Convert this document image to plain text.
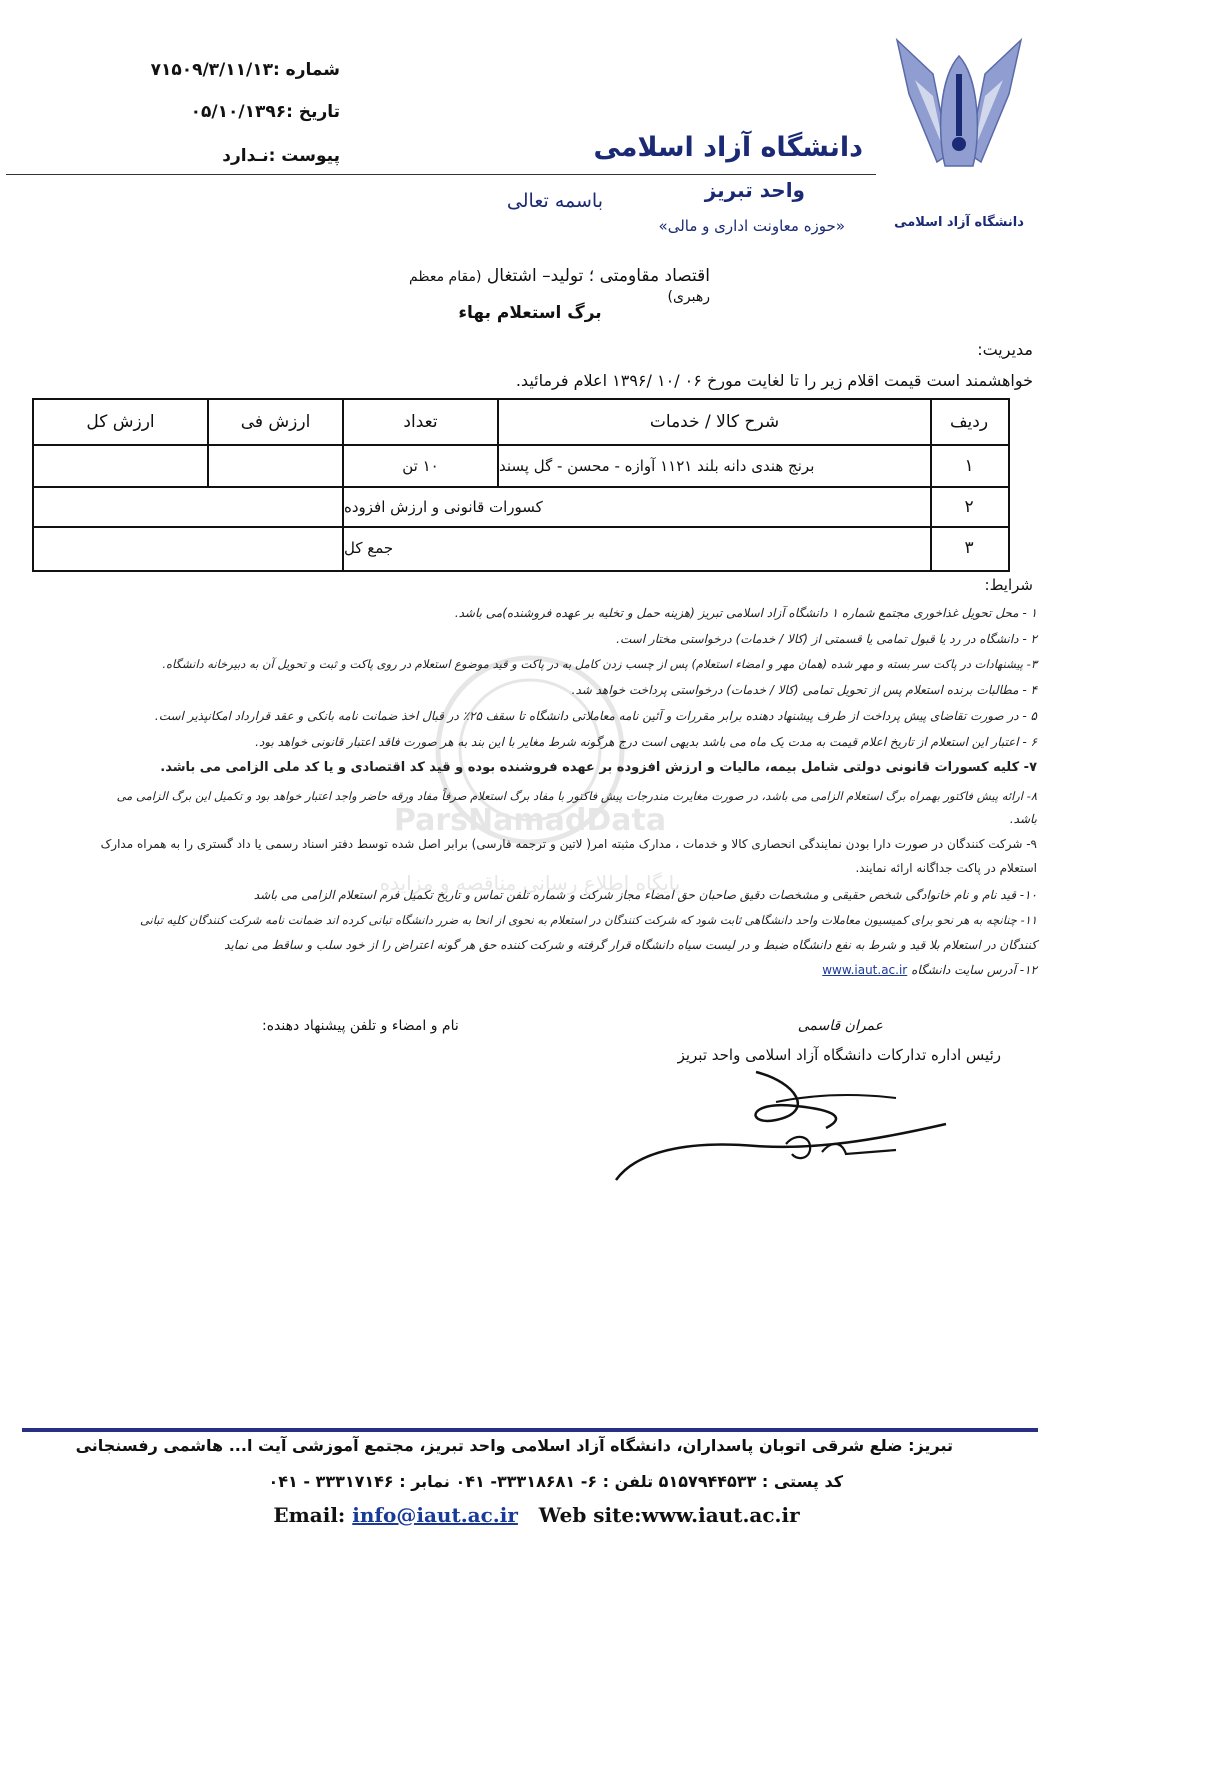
دانشگاه آزاد اسلامی
دانشگاه آزاد اسلامی
واحد تبریز
«حوزه معاونت اداری و مالی»
باسمه تعالی
شماره :۷۱۵۰۹/۳/۱۱/۱۳
تاریخ :۰۵/۱۰/۱۳۹۶
پیوست :نـدارد
اقتصاد مقاومتی ؛ تولید– اشتغال (مقام معظم رهبری)
برگ استعلام بهاء
مدیریت:
خواهشمند است قیمت اقلام زیر را تا لغایت مورخ ۰۶ /۱۰ /۱۳۹۶ اعلام فرمائید.
ردیف
شرح کالا / خدمات
تعداد
ارزش فی
ارزش کل
۱
برنج هندی دانه بلند ۱۱۲۱ آوازه - محسن - گل پسند
۱۰ تن
۲
کسورات قانونی و ارزش افزوده
۳
جمع کل
شرایط:
ParsNamadData
پایگاه اطلاع رسانی مناقصه و مزایده
۱ - محل تحویل غذاخوری مجتمع شماره ۱ دانشگاه آزاد اسلامی تبریز (هزینه حمل و تخلیه بر عهده فروشنده)می باشد.
۲ - دانشگاه در رد یا قبول تمامی یا قسمتی از (کالا / خدمات) درخواستی مختار است.
۳- پیشنهادات در پاکت سر بسته و مهر شده (همان مهر و امضاء استعلام) پس از چسب زدن کامل به در پاکت و قید موضوع استعلام در روی پاکت و ثبت و تحویل آن به دبیرخانه دانشگاه.
۴ - مطالبات برنده استعلام پس از تحویل تمامی (کالا / خدمات) درخواستی پرداخت خواهد شد.
۵ - در صورت تقاضای پیش پرداخت از طرف پیشنهاد دهنده برابر مقررات و آئین نامه معاملاتی دانشگاه تا سقف ۲۵٪ در قبال اخذ ضمانت نامه بانکی و عقد قرارداد امکانپذیر است.
۶ - اعتبار این استعلام از تاریخ اعلام قیمت به مدت یک ماه می باشد بدیهی است درج هرگونه شرط مغایر با این بند به هر صورت فاقد اعتبار قانونی خواهد بود.
۷- کلیه کسورات قانونی دولتی شامل بیمه، مالیات و ارزش افزوده بر عهده فروشنده بوده و قید کد اقتصادی و یا کد ملی الزامی می باشد.
۸- ارائه پیش فاکتور بهمراه برگ استعلام الزامی می باشد، در صورت مغایرت مندرجات پیش فاکتور با مفاد برگ استعلام صرفاً مفاد ورقه حاضر واجد اعتبار خواهد بود و تکمیل این برگ الزامی می
باشد.
۹- شرکت کنندگان در صورت دارا بودن نمایندگی انحصاری کالا و خدمات ، مدارک مثبته امر( لاتین و ترجمه فارسی) برابر اصل شده توسط دفتر اسناد رسمی یا داد گستری را به همراه مدارک
استعلام در پاکت جداگانه ارائه نمایند.
۱۰- قید نام و نام خانوادگی شخص حقیقی و مشخصات دقیق صاحبان حق امضاء مجاز شرکت و شماره تلفن تماس و تاریخ تکمیل فرم استعلام الزامی می باشد
۱۱- چنانچه به هر نحو برای کمیسیون معاملات واحد دانشگاهی ثابت شود که شرکت کنندگان در استعلام به نحوی از انحا به ضرر دانشگاه تبانی کرده اند ضمانت نامه شرکت کنندگان کلیه تبانی
کنندگان در استعلام بلا قید و شرط به نفع دانشگاه ضبط و در لیست سیاه دانشگاه قرار گرفته و شرکت کننده حق هر گونه اعتراض را از خود سلب و ساقط می نماید
۱۲- آدرس سایت دانشگاه www.iaut.ac.ir
عمران قاسمی
رئیس اداره تدارکات دانشگاه آزاد اسلامی واحد تبریز
نام و امضاء و تلفن پیشنهاد دهنده:
تبریز: ضلع شرقی اتوبان پاسداران، دانشگاه آزاد اسلامی واحد تبریز، مجتمع آموزشی آیت ا... هاشمی رفسنجانی
کد پستی : ۵۱۵۷۹۴۴۵۳۳ تلفن : ۶- ۳۳۳۱۸۶۸۱- ۰۴۱ نمابر : ۳۳۳۱۷۱۴۶ - ۰۴۱
Email: info@iaut.ac.ir Web site:www.iaut.ac.ir
